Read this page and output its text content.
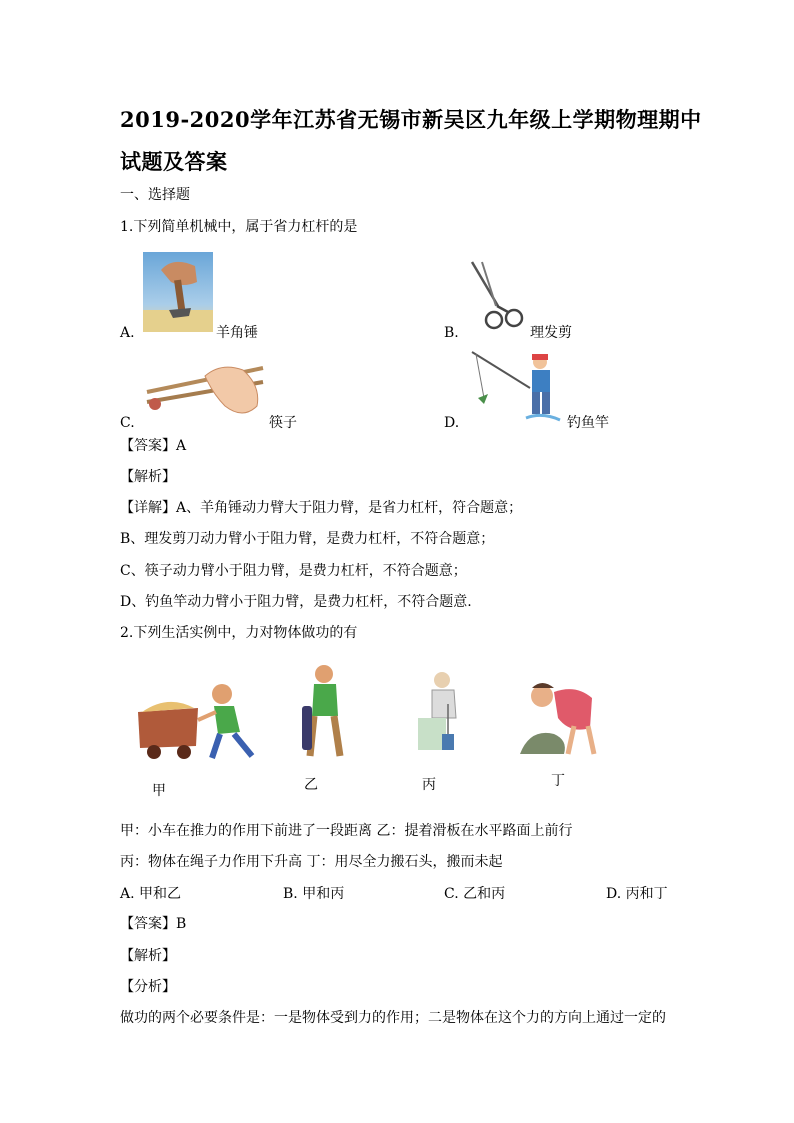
2019-2020学年江苏省无锡市新吴区九年级上学期物理期中
试题及答案
一、选择题
1.下列简单机械中，属于省力杠杆的是
A.	羊角锤	B.	理发剪
C.	筷子	D.	钓鱼竿
【答案】A
【解析】
【详解】A、羊角锤动力臂大于阻力臂，是省力杠杆，符合题意；
B、理发剪刀动力臂小于阻力臂，是费力杠杆，不符合题意；
C、筷子动力臂小于阻力臂，是费力杠杆，不符合题意；
D、钓鱼竿动力臂小于阻力臂，是费力杠杆，不符合题意.
2.下列生活实例中，力对物体做功的有
甲	乙	丙	丁
甲：小车在推力的作用下前进了一段距离 乙：提着滑板在水平路面上前行
丙：物体在绳子力作用下升高 丁：用尽全力搬石头，搬而未起
A. 甲和乙	B. 甲和丙	C. 乙和丙	D. 丙和丁
【答案】B
【解析】
【分析】
做功的两个必要条件是：一是物体受到力的作用；二是物体在这个力的方向上通过一定的
